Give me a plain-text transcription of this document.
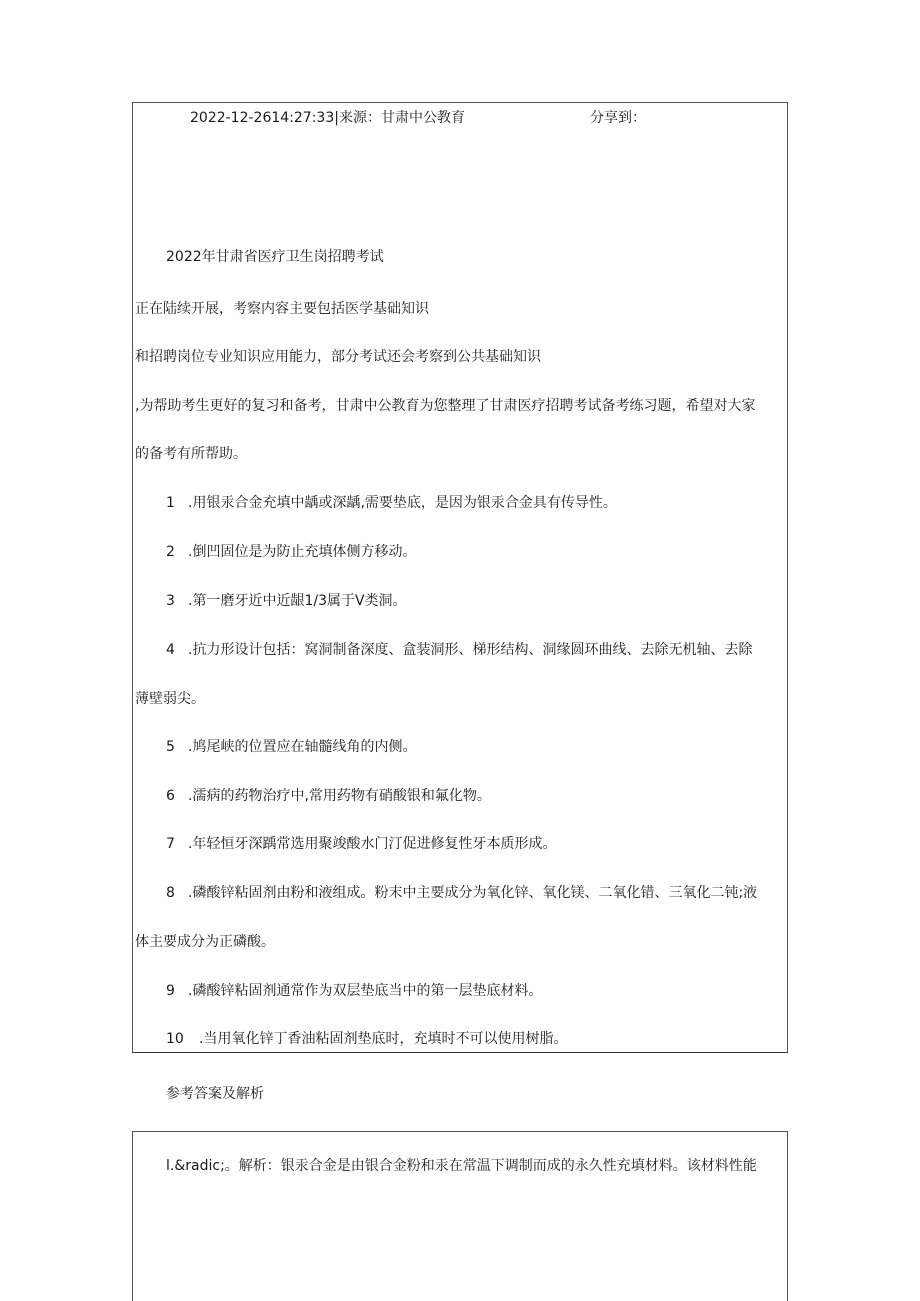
2022-12-2614:27:33|来源：甘肃中公教育	分享到：
2022年甘肃省医疗卫生岗招聘考试
正在陆续开展，考察内容主要包括医学基础知识
和招聘岗位专业知识应用能力，部分考试还会考察到公共基础知识
,为帮助考生更好的复习和备考，甘肃中公教育为您整理了甘肃医疗招聘考试备考练习题，希望对大家
的备考有所帮助。
1 .用银汞合金充填中龋或深龋,需要垫底，是因为银汞合金具有传导性。
2 .倒凹固位是为防止充填体侧方移动。
3 .第一磨牙近中近龈1/3属于V类洞。
4 .抗力形设计包括：窝洞制备深度、盒装洞形、梯形结构、洞缘圆环曲线、去除无机轴、去除
薄壁弱尖。
5 .鸠尾峡的位置应在轴髓线角的内侧。
6 .濡病的药物治疗中,常用药物有硝酸银和氟化物。
7 .年轻恒牙深踽常选用聚竣酸水门汀促进修复性牙本质形成。
8 .磷酸锌粘固剂由粉和液组成。粉末中主要成分为氧化锌、氧化镁、二氧化错、三氧化二钝;液
体主要成分为正磷酸。
9 .磷酸锌粘固剂通常作为双层垫底当中的第一层垫底材料。
10 .当用氧化锌丁香油粘固剂垫底时，充填时不可以使用树脂。
参考答案及解析
l.&radic;。解析：银汞合金是由银合金粉和汞在常温下调制而成的永久性充填材料。该材料性能
